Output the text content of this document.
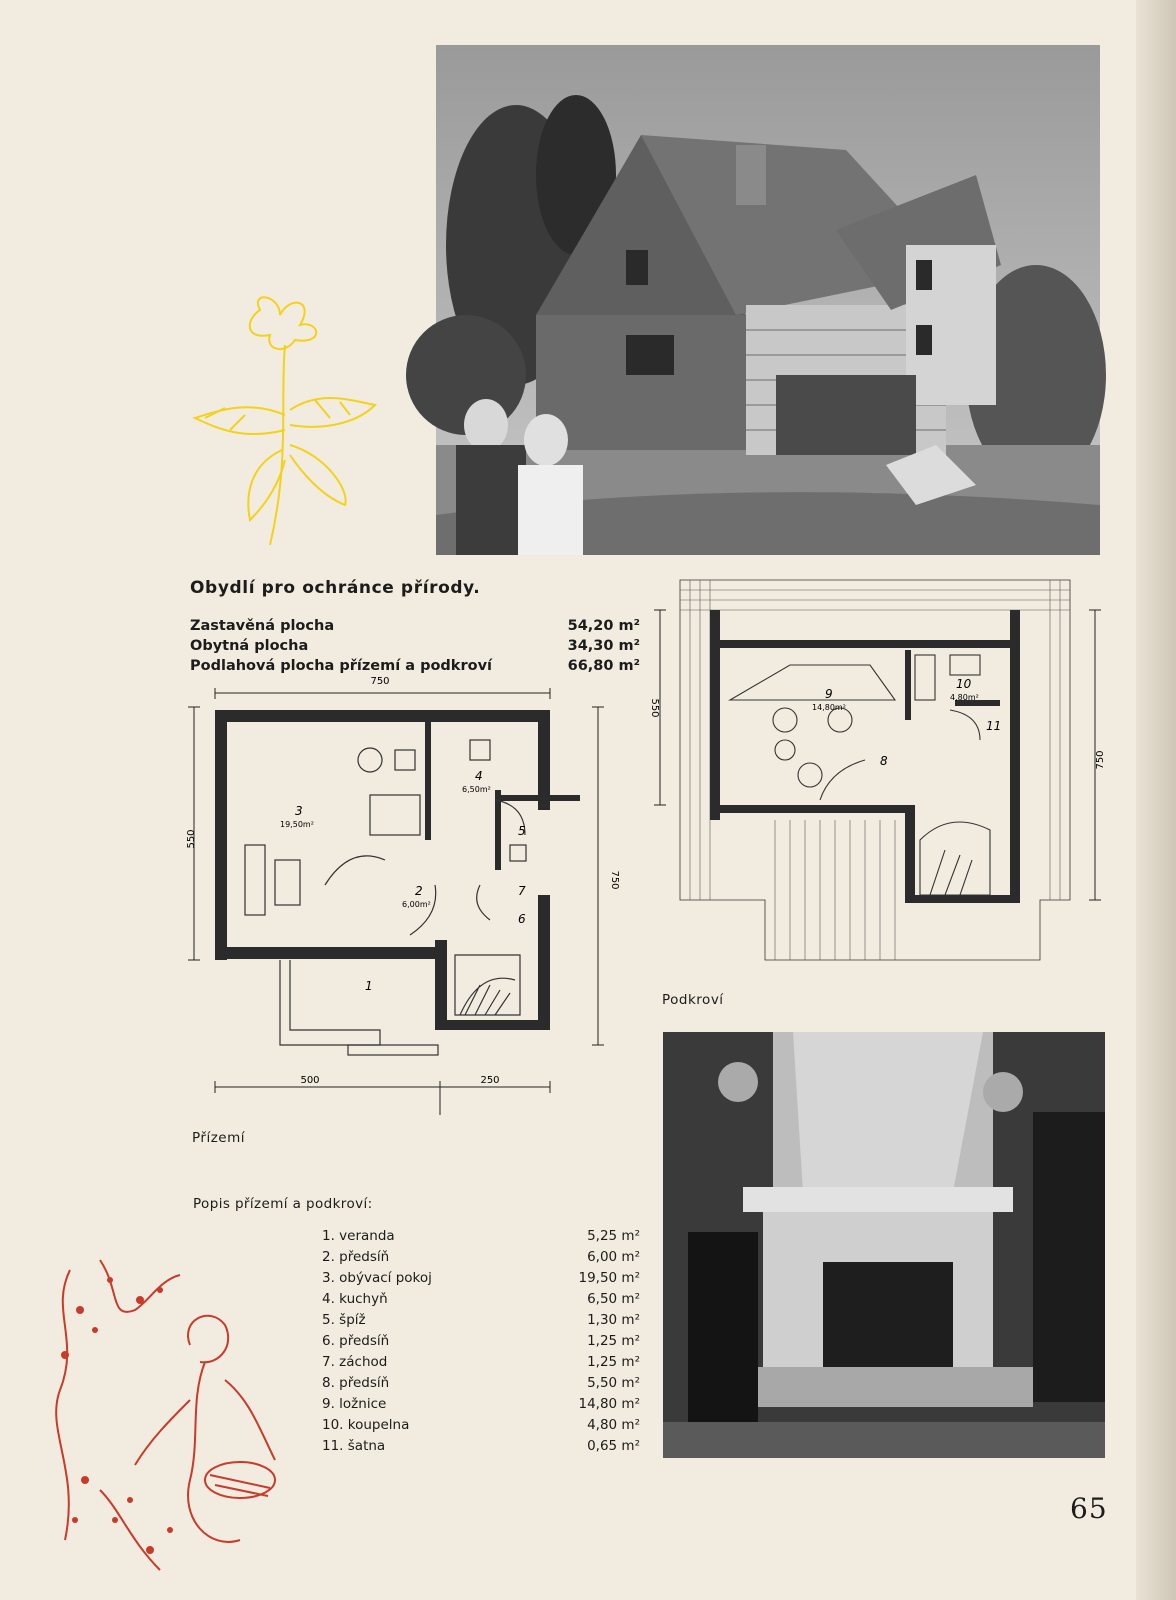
Obydlí pro ochránce přírody.
Zastavěná plocha	54,20 m²
Obytná plocha	34,30 m²
Podlahová plocha přízemí a podkroví	66,80 m²
750
550
750
500	250
1
2
6,00m²
3
19,50m²
4
6,50m²
5
6
7
550
750
8
9
14,80m²
10
4,80m²
11
Podkroví
Přízemí
Popis přízemí a podkroví:
1. veranda	5,25 m²
2. předsíň	6,00 m²
3. obývací pokoj	19,50 m²
4. kuchyň	6,50 m²
5. špíž	1,30 m²
6. předsíň	1,25 m²
7. záchod	1,25 m²
8. předsíň	5,50 m²
9. ložnice	14,80 m²
10. koupelna	4,80 m²
11. šatna	0,65 m²
65
